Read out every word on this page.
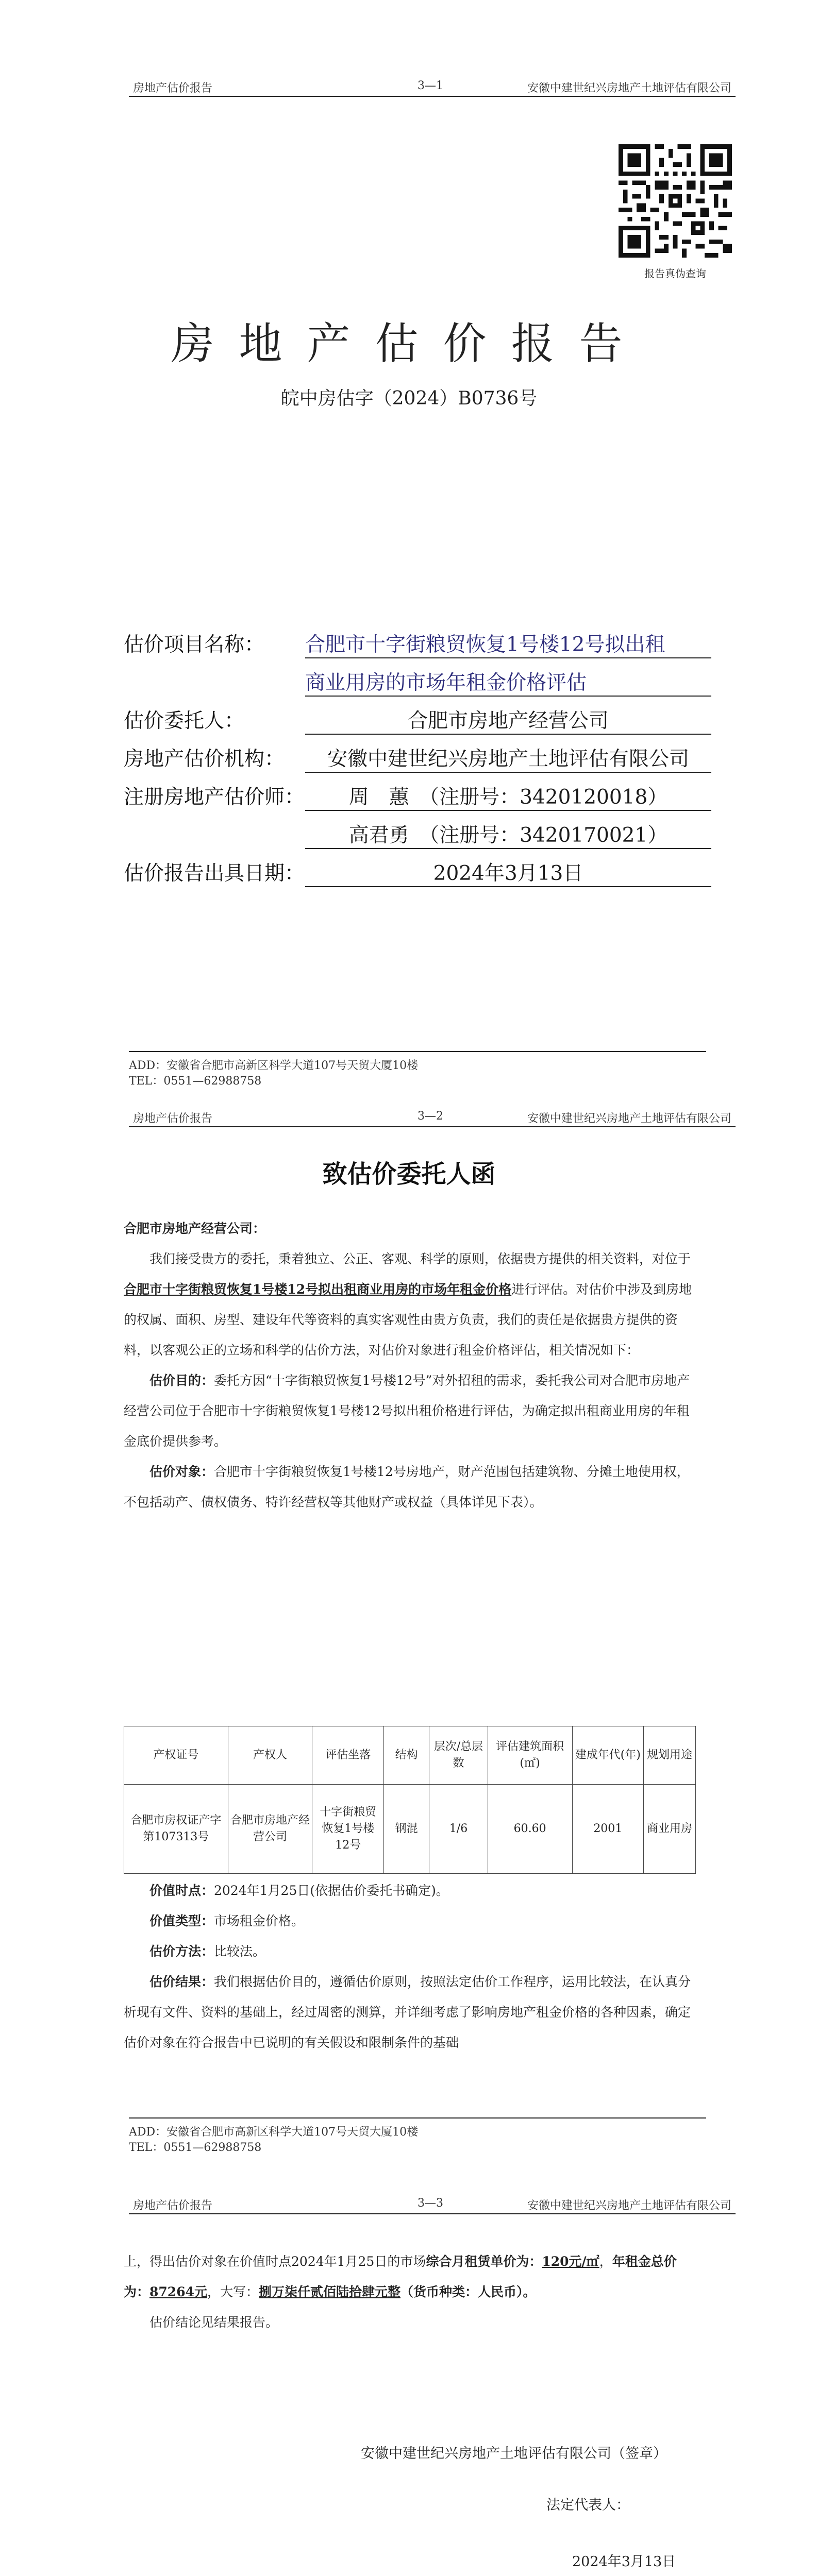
房地产估价报告	3—1	安徽中建世纪兴房地产土地评估有限公司
报告真伪查询
房地产估价报告
皖中房估字（2024）B0736号
估价项目名称： 合肥市十字街粮贸恢复1号楼12号拟出租
商业用房的市场年租金价格评估
估价委托人：	合肥市房地产经营公司
房地产估价机构：	安徽中建世纪兴房地产土地评估有限公司
注册房地产估价师：	周　蕙　（注册号：3420120018）
高君勇　（注册号：3420170021）
估价报告出具日期：	2024年3月13日
ADD：安徽省合肥市高新区科学大道107号天贸大厦10楼
TEL：0551—62988758
房地产估价报告	3—2	安徽中建世纪兴房地产土地评估有限公司
致估价委托人函

合肥市房地产经营公司：

我们接受贵方的委托，秉着独立、公正、客观、科学的原则，依据贵方提供的相关资料，对位于合肥市十字街粮贸恢复1号楼12号拟出租商业用房的市场年租金价格进行评估。对估价中涉及到房地的权属、面积、房型、建设年代等资料的真实客观性由贵方负责，我们的责任是依据贵方提供的资料，以客观公正的立场和科学的估价方法，对估价对象进行租金价格评估，相关情况如下：

估价目的：委托方因“十字街粮贸恢复1号楼12号”对外招租的需求，委托我公司对合肥市房地产经营公司位于合肥市十字街粮贸恢复1号楼12号拟出租价格进行评估，为确定拟出租商业用房的年租金底价提供参考。

估价对象：合肥市十字街粮贸恢复1号楼12号房地产，财产范围包括建筑物、分摊土地使用权，不包括动产、债权债务、特许经营权等其他财产或权益（具体详见下表）。

产权证号	产权人	评估坐落	结构	层次/总层数	评估建筑面积(㎡)	建成年代(年)	规划用途
合肥市房权证产字第107313号	合肥市房地产经营公司	十字街粮贸恢复1号楼12号	钢混	1/6	60.60	2001	商业用房

价值时点：2024年1月25日(依据估价委托书确定)。

价值类型：市场租金价格。

估价方法：比较法。

估价结果：我们根据估价目的，遵循估价原则，按照法定估价工作程序，运用比较法，在认真分析现有文件、资料的基础上，经过周密的测算，并详细考虑了影响房地产租金价格的各种因素，确定估价对象在符合报告中已说明的有关假设和限制条件的基础

ADD：安徽省合肥市高新区科学大道107号天贸大厦10楼
TEL：0551—62988758
房地产估价报告	3—3	安徽中建世纪兴房地产土地评估有限公司

上，得出估价对象在价值时点2024年1月25日的市场综合月租赁单价为：120元/㎡，年租金总价为：87264元，大写：捌万柒仟贰佰陆拾肆元整（货币种类：人民币）。

估价结论见结果报告。

安徽中建世纪兴房地产土地评估有限公司（签章）
法定代表人：
2024年3月13日
